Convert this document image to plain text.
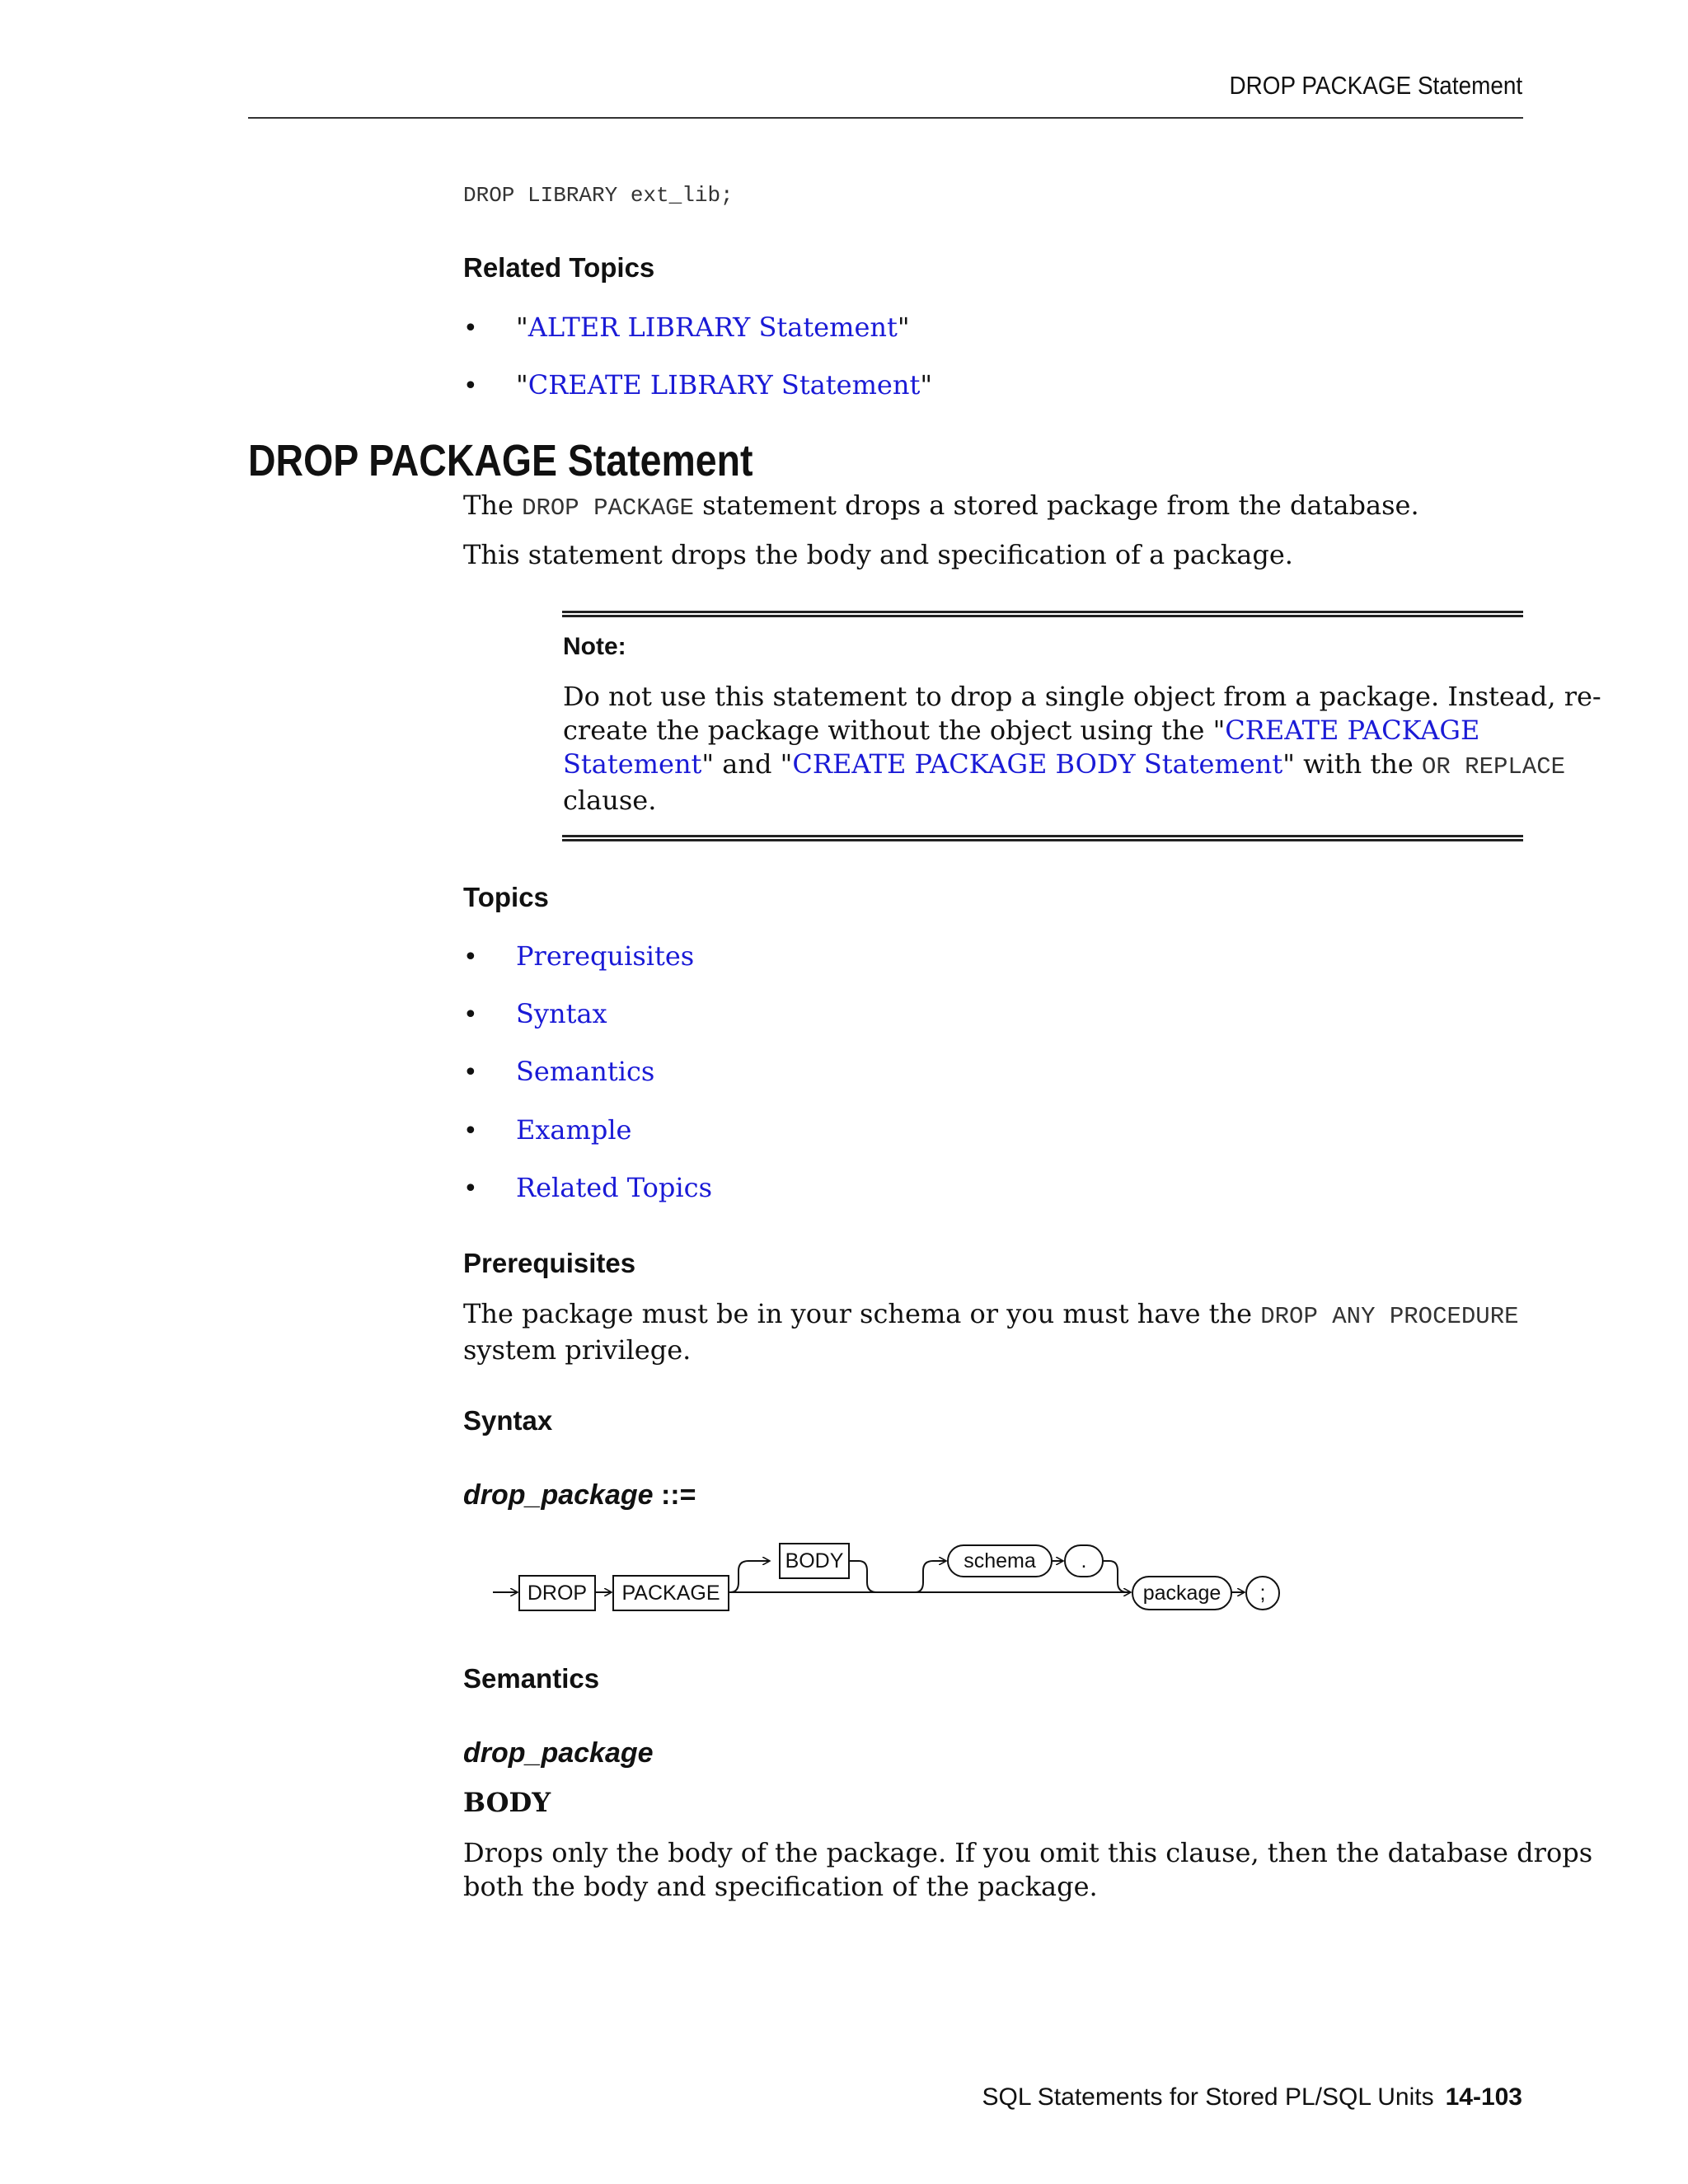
DROP PACKAGE Statement
DROP LIBRARY ext_lib;
Related Topics
• "ALTER LIBRARY Statement"
• "CREATE LIBRARY Statement"
DROP PACKAGE Statement
The DROP PACKAGE statement drops a stored package from the database.
This statement drops the body and specification of a package.
Note:
Do not use this statement to drop a single object from a package. Instead, re-
create the package without the object using the "CREATE PACKAGE
Statement" and "CREATE PACKAGE BODY Statement" with the OR REPLACE
clause.
Topics
• Prerequisites
• Syntax
• Semantics
• Example
• Related Topics
Prerequisites
The package must be in your schema or you must have the DROP ANY PROCEDURE
system privilege.
Syntax
drop_package ::=
DROP PACKAGE
BODY	schema .
package ;
Semantics
drop_package
BODY
Drops only the body of the package. If you omit this clause, then the database drops
both the body and specification of the package.
SQL Statements for Stored PL/SQL Units 14-103
